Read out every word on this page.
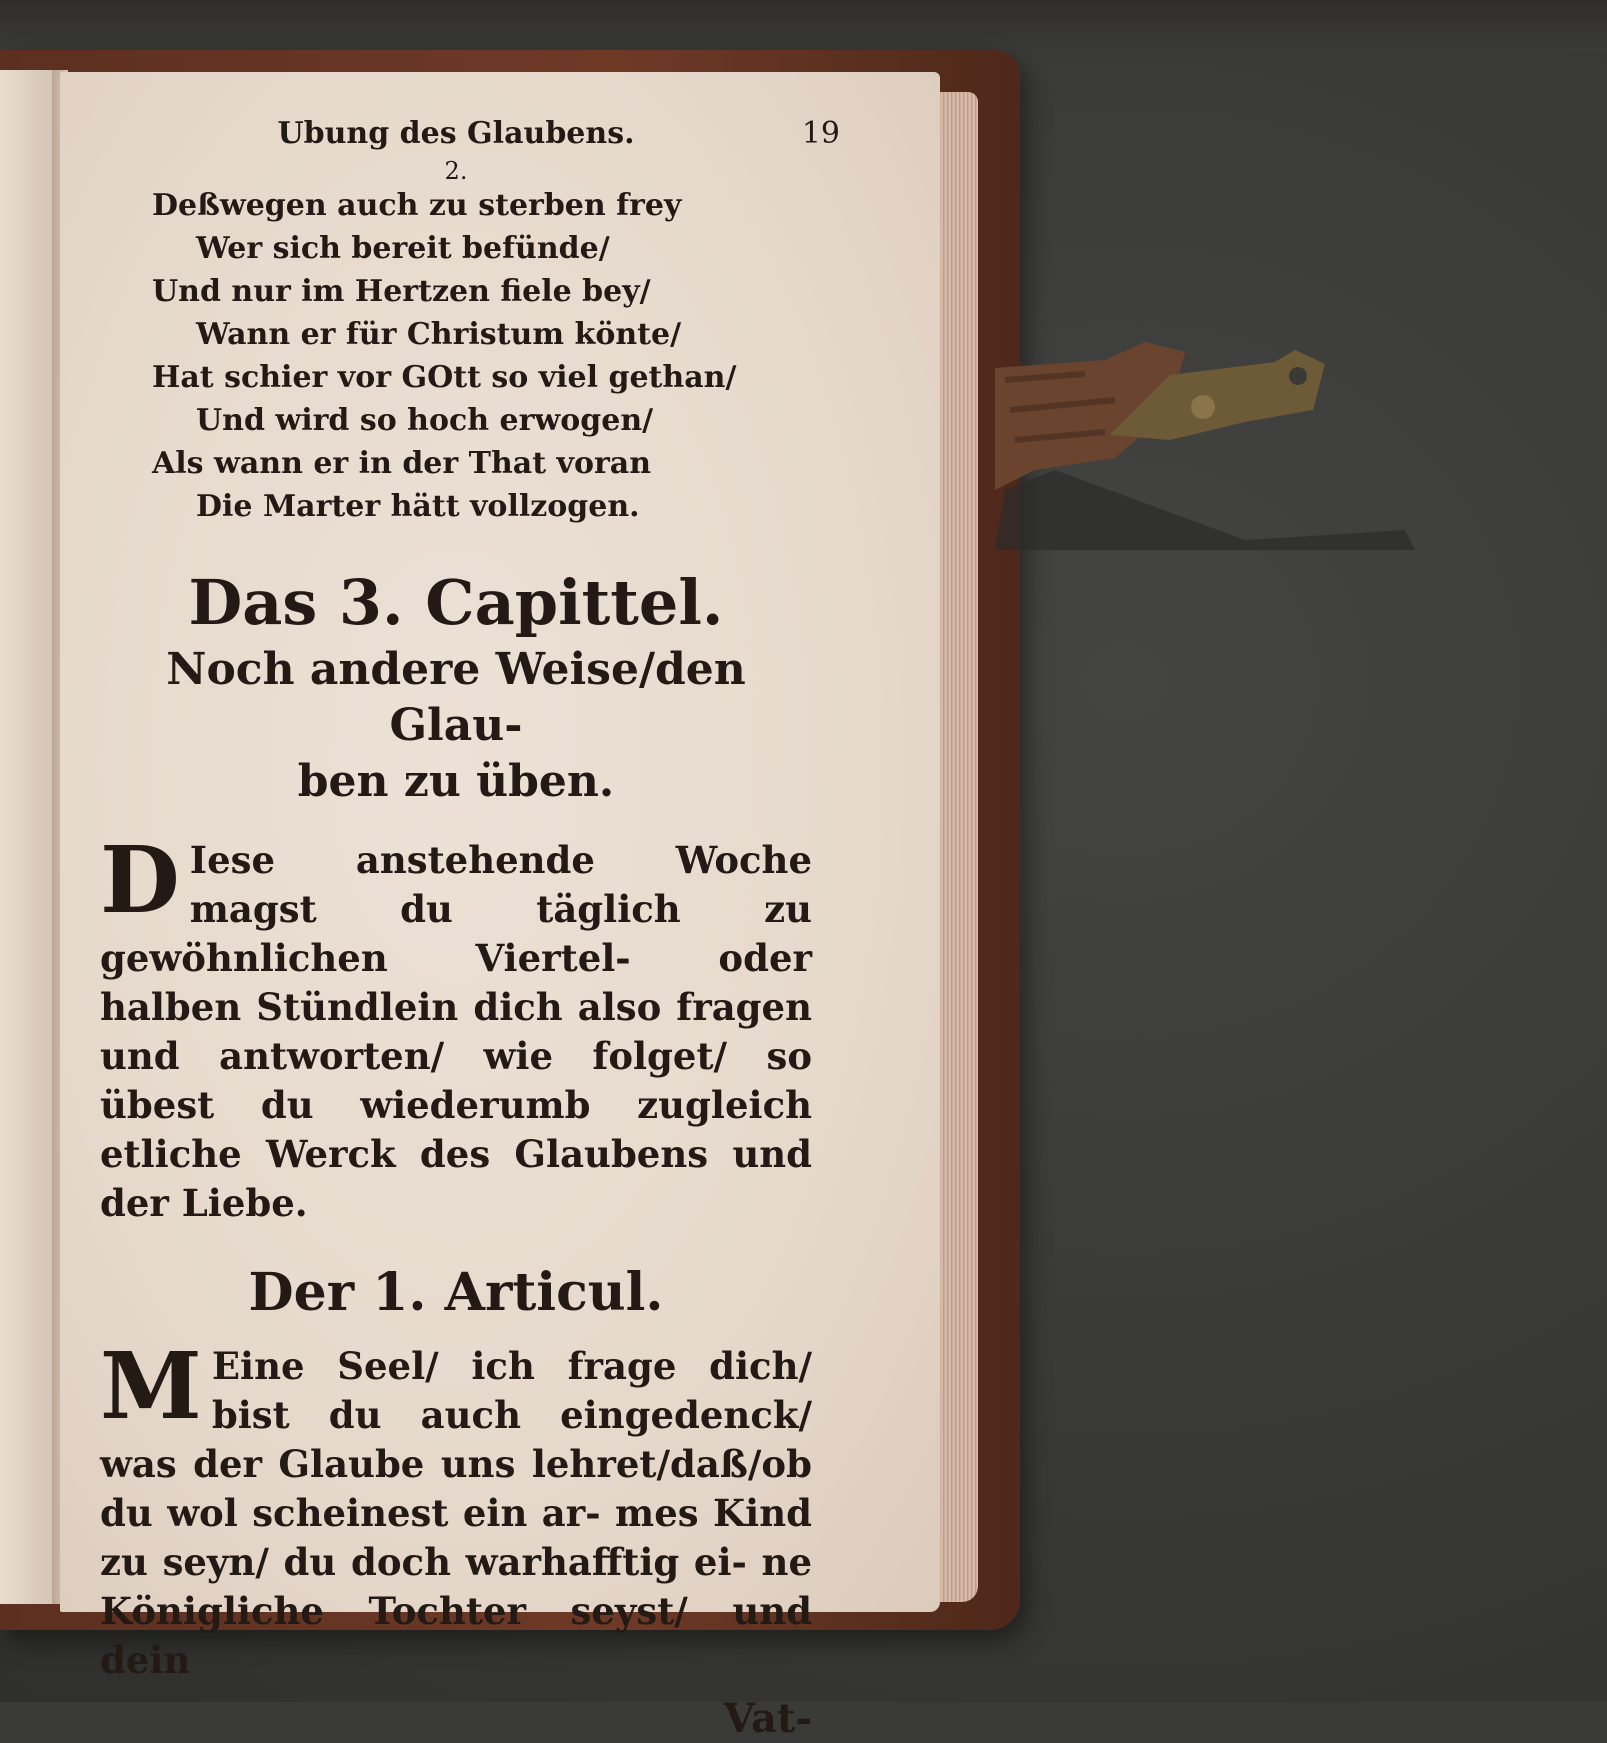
Ubung des Glaubens.	19
2.
Deßwegen auch zu sterben frey
Wer sich bereit befünde/
Und nur im Hertzen fiele bey/
Wann er für Christum könte/
Hat schier vor GOtt so viel gethan/
Und wird so hoch erwogen/
Als wann er in der That voran
Die Marter hätt vollzogen.
Das 3. Capittel.
Noch andere Weise/den Glau-
ben zu üben.

D Iese anstehende Woche magst du täglich zu gewöhnlichen Viertel- oder halben Stündlein dich also fragen und antworten/ wie folget/ so übest du wiederumb zugleich etliche Werck des Glaubens und der Liebe.

Der 1. Articul.

M Eine Seel/ ich frage dich/ bist du auch eingedenck/ was der Glaube uns lehret/daß/ob du wol scheinest ein ar- mes Kind zu seyn/ du doch warhafftig ei- ne Königliche Tochter seyst/ und dein

Vat-
